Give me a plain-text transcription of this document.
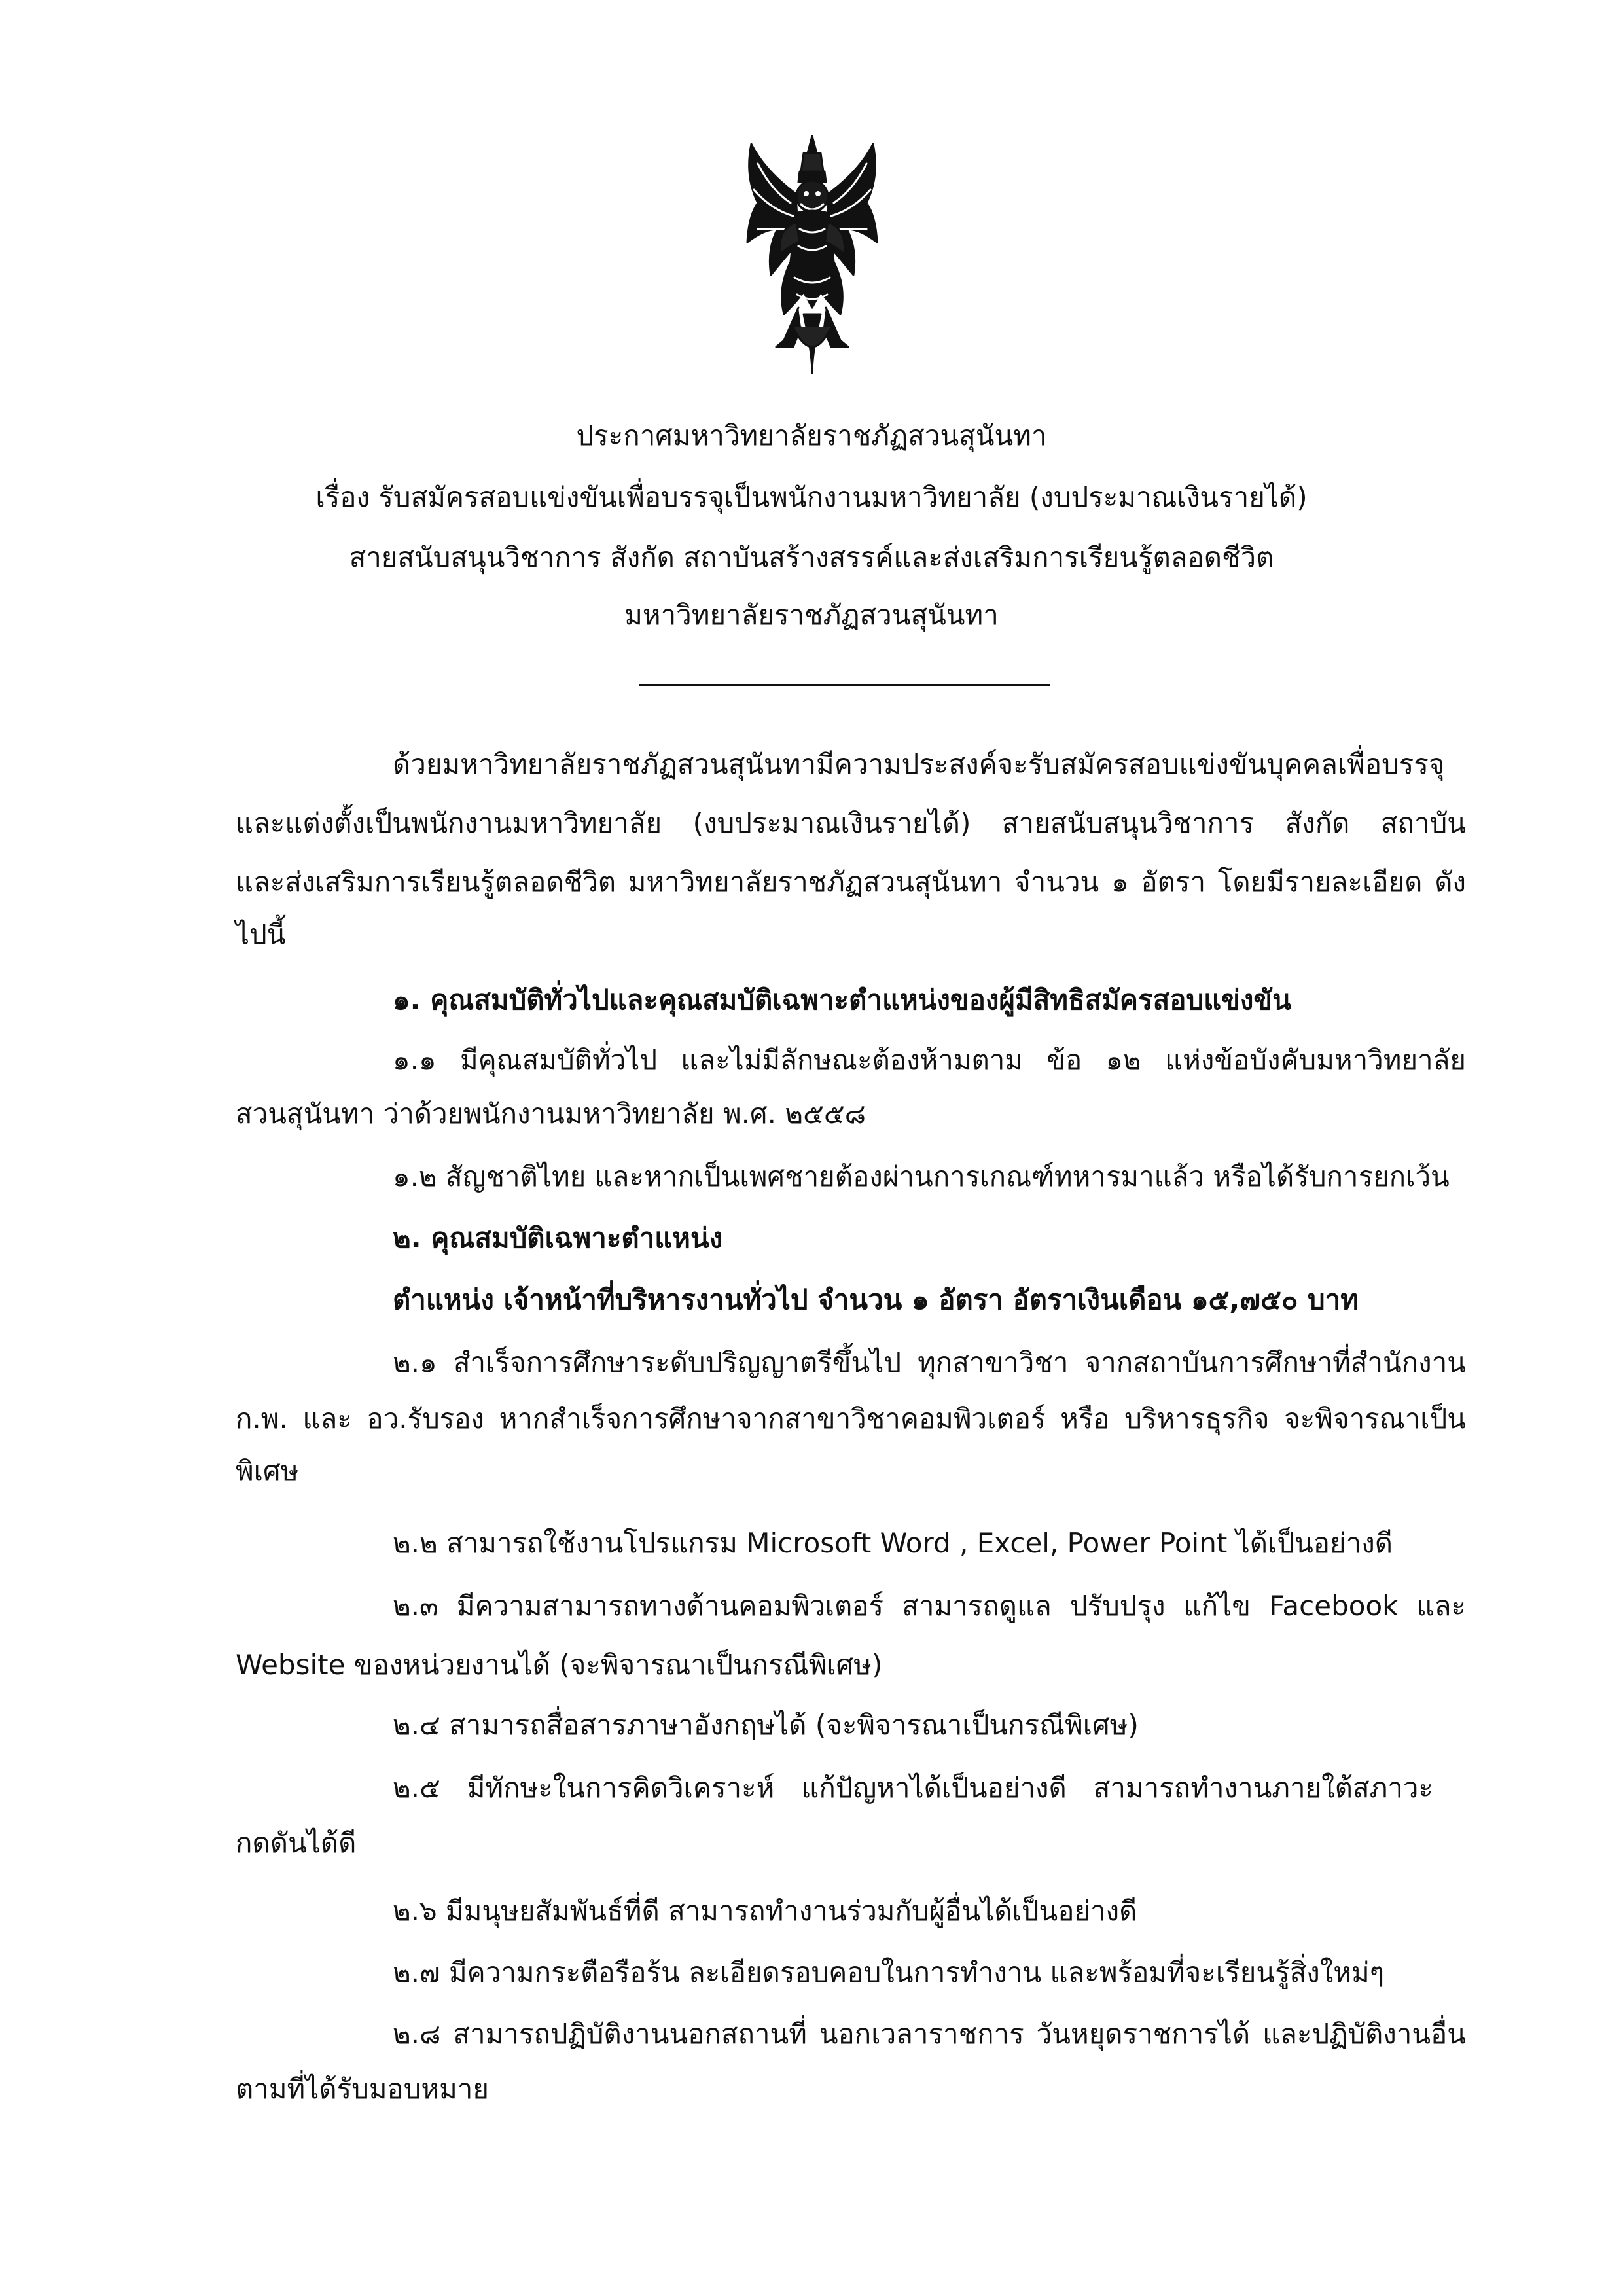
ประกาศมหาวิทยาลัยราชภัฏสวนสุนันทา
เรื่อง รับสมัครสอบแข่งขันเพื่อบรรจุเป็นพนักงานมหาวิทยาลัย (งบประมาณเงินรายได้)
สายสนับสนุนวิชาการ สังกัด สถาบันสร้างสรรค์และส่งเสริมการเรียนรู้ตลอดชีวิต
มหาวิทยาลัยราชภัฏสวนสุนันทา
ด้วยมหาวิทยาลัยราชภัฏสวนสุนันทามีความประสงค์จะรับสมัครสอบแข่งขันบุคคลเพื่อบรรจุ
และแต่งตั้งเป็นพนักงานมหาวิทยาลัย (งบประมาณเงินรายได้) สายสนับสนุนวิชาการ สังกัด สถาบัน
และส่งเสริมการเรียนรู้ตลอดชีวิต มหาวิทยาลัยราชภัฏสวนสุนันทา จำนวน ๑ อัตรา โดยมีรายละเอียด ดัง
ไปนี้
๑. คุณสมบัติทั่วไปและคุณสมบัติเฉพาะตำแหน่งของผู้มีสิทธิสมัครสอบแข่งขัน
๑.๑ มีคุณสมบัติทั่วไป และไม่มีลักษณะต้องห้ามตาม ข้อ ๑๒ แห่งข้อบังคับมหาวิทยาลัย
สวนสุนันทา ว่าด้วยพนักงานมหาวิทยาลัย พ.ศ. ๒๕๕๘
๑.๒ สัญชาติไทย และหากเป็นเพศชายต้องผ่านการเกณฑ์ทหารมาแล้ว หรือได้รับการยกเว้น
๒. คุณสมบัติเฉพาะตำแหน่ง
ตำแหน่ง เจ้าหน้าที่บริหารงานทั่วไป จำนวน ๑ อัตรา อัตราเงินเดือน ๑๕,๗๕๐ บาท
๒.๑ สำเร็จการศึกษาระดับปริญญาตรีขึ้นไป ทุกสาขาวิชา จากสถาบันการศึกษาที่สำนักงาน
ก.พ. และ อว.รับรอง หากสำเร็จการศึกษาจากสาขาวิชาคอมพิวเตอร์ หรือ บริหารธุรกิจ จะพิจารณาเป็น
พิเศษ
๒.๒ สามารถใช้งานโปรแกรม Microsoft Word , Excel, Power Point ได้เป็นอย่างดี
๒.๓ มีความสามารถทางด้านคอมพิวเตอร์ สามารถดูแล ปรับปรุง แก้ไข Facebook และ
Website ของหน่วยงานได้ (จะพิจารณาเป็นกรณีพิเศษ)
๒.๔ สามารถสื่อสารภาษาอังกฤษได้ (จะพิจารณาเป็นกรณีพิเศษ)
๒.๕ มีทักษะในการคิดวิเคราะห์ แก้ปัญหาได้เป็นอย่างดี สามารถทำงานภายใต้สภาวะ
กดดันได้ดี
๒.๖ มีมนุษยสัมพันธ์ที่ดี สามารถทำงานร่วมกับผู้อื่นได้เป็นอย่างดี
๒.๗ มีความกระตือรือร้น ละเอียดรอบคอบในการทำงาน และพร้อมที่จะเรียนรู้สิ่งใหม่ๆ
๒.๘ สามารถปฏิบัติงานนอกสถานที่ นอกเวลาราชการ วันหยุดราชการได้ และปฏิบัติงานอื่น
ตามที่ได้รับมอบหมาย
